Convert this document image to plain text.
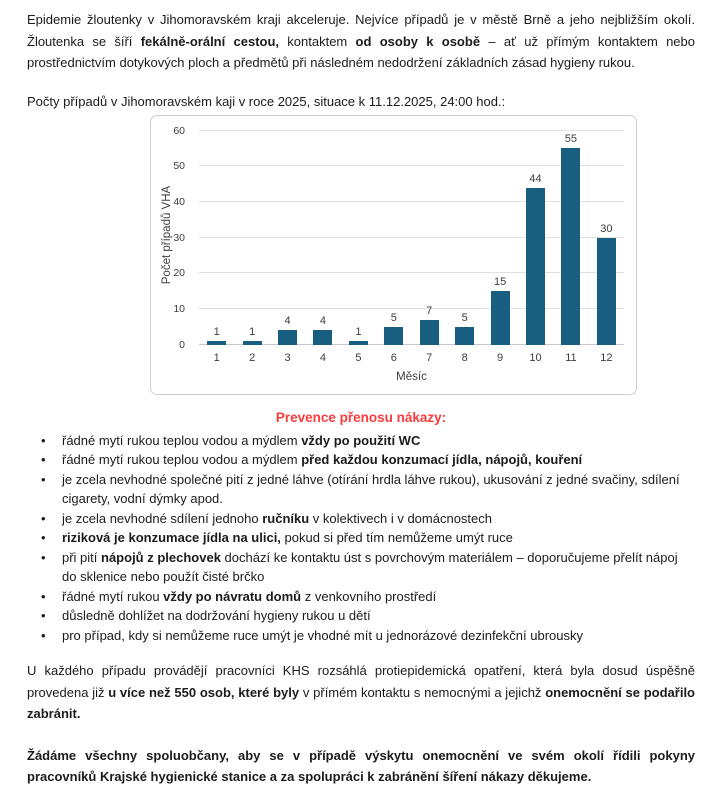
Epidemie žloutenky v Jihomoravském kraji akceleruje. Nejvíce případů je v městě Brně a jeho nejbližším okolí. Žloutenka se šíří fekálně-orální cestou, kontaktem od osoby k osobě – ať už přímým kontaktem nebo prostřednictvím dotykových ploch a předmětů při následném nedodržení základních zásad hygieny rukou.

Počty případů v Jihomoravském kaji v roce 2025, situace k 11.12.2025, 24:00 hod.:

Počet případů VHA
0
10
20
30
40
50
60
1	1
4	4
1
5
7
5
15
44
55
30
1	2	3	4	5	6	7	8	9	10	11	12
Měsíc
Prevence přenosu nákazy:
• řádné mytí rukou teplou vodou a mýdlem vždy po použití WC
• řádné mytí rukou teplou vodou a mýdlem před každou konzumací jídla, nápojů, kouření
• je zcela nevhodné společné pití z jedné láhve (otírání hrdla láhve rukou), ukusování z jedné svačiny, sdílení cigarety, vodní dýmky apod.
• je zcela nevhodné sdílení jednoho ručníku v kolektivech i v domácnostech
• riziková je konzumace jídla na ulici, pokud si před tím nemůžeme umýt ruce
• při pití nápojů z plechovek dochází ke kontaktu úst s povrchovým materiálem – doporučujeme přelít nápoj do sklenice nebo použít čisté brčko
• řádné mytí rukou vždy po návratu domů z venkovního prostředí
• důsledně dohlížet na dodržování hygieny rukou u dětí
• pro případ, kdy si nemůžeme ruce umýt je vhodné mít u jednorázové dezinfekční ubrousky

U každého případu provádějí pracovníci KHS rozsáhlá protiepidemická opatření, která byla dosud úspěšně provedena již u více než 550 osob, které byly v přímém kontaktu s nemocnými a jejichž onemocnění se podařilo zabránit.

Žádáme všechny spoluobčany, aby se v případě výskytu onemocnění ve svém okolí řídili pokyny pracovníků Krajské hygienické stanice a za spolupráci k zabránění šíření nákazy děkujeme.
